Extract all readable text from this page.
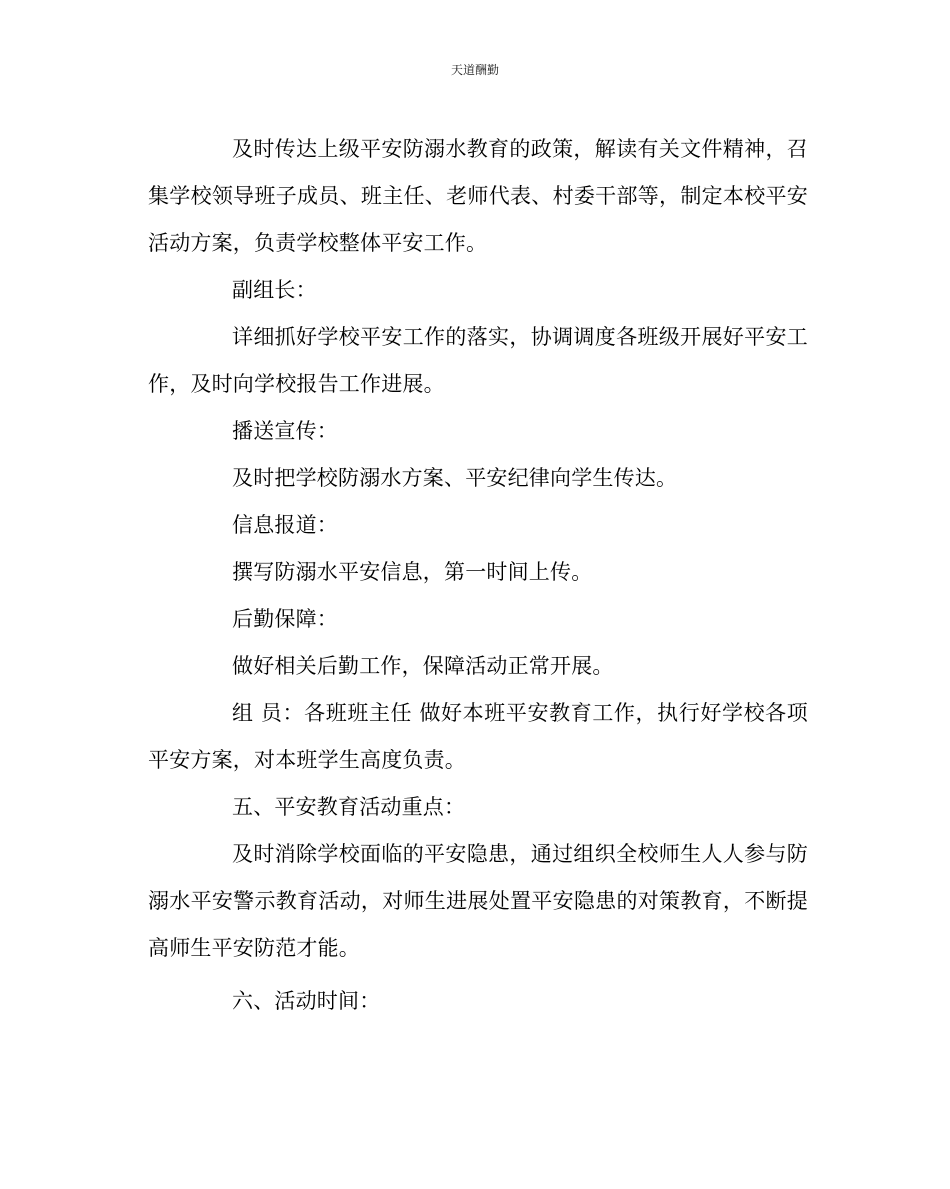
天道酬勤

及时传达上级平安防溺水教育的政策，解读有关文件精神，召集学校领导班子成员、班主任、老师代表、村委干部等，制定本校平安活动方案，负责学校整体平安工作。

副组长：

详细抓好学校平安工作的落实，协调调度各班级开展好平安工作，及时向学校报告工作进展。

播送宣传：

及时把学校防溺水方案、平安纪律向学生传达。

信息报道：

撰写防溺水平安信息，第一时间上传。

后勤保障：

做好相关后勤工作，保障活动正常开展。

组 员：各班班主任 做好本班平安教育工作，执行好学校各项平安方案，对本班学生高度负责。

五、平安教育活动重点：

及时消除学校面临的平安隐患，通过组织全校师生人人参与防溺水平安警示教育活动，对师生进展处置平安隐患的对策教育，不断提高师生平安防范才能。

六、活动时间：
